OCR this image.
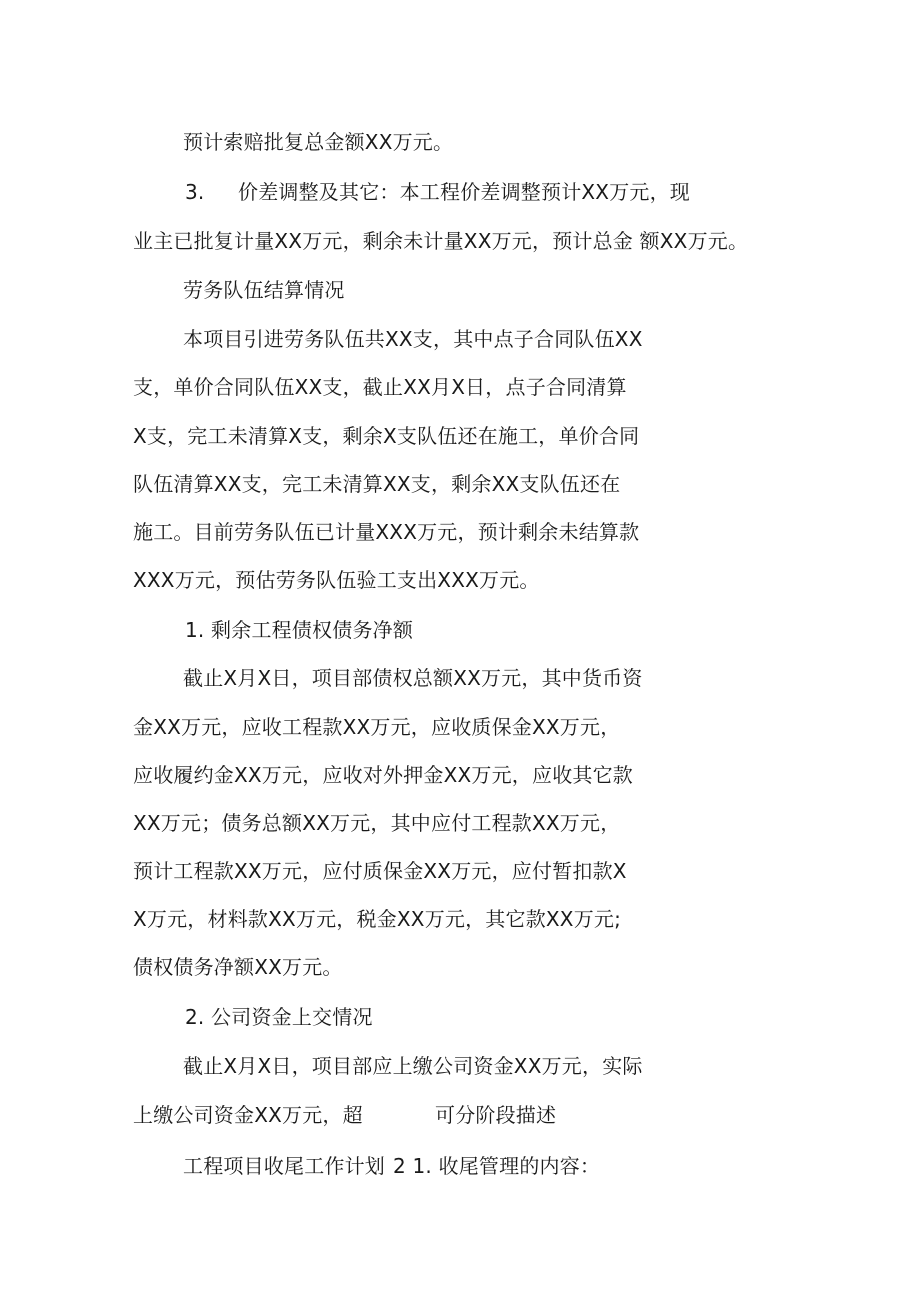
预计索赔批复总金额XX万元。
3. 价差调整及其它：本工程价差调整预计XX万元，现
业主已批复计量XX万元，剩余未计量XX万元，预计总金 额XX万元。
劳务队伍结算情况
本项目引进劳务队伍共XX支，其中点子合同队伍XX
支，单价合同队伍XX支，截止XX月X日，点子合同清算
X支，完工未清算X支，剩余X支队伍还在施工，单价合同
队伍清算XX支，完工未清算XX支，剩余XX支队伍还在
施工。目前劳务队伍已计量XXX万元，预计剩余未结算款
XXX万元，预估劳务队伍验工支出XXX万元。
1. 剩余工程债权债务净额
截止X月X日，项目部债权总额XX万元，其中货币资
金XX万元，应收工程款XX万元，应收质保金XX万元，
应收履约金XX万元，应收对外押金XX万元，应收其它款
XX万元；债务总额XX万元，其中应付工程款XX万元，
预计工程款XX万元，应付质保金XX万元，应付暂扣款X
X万元，材料款XX万元，税金XX万元，其它款XX万元;
债权债务净额XX万元。
2. 公司资金上交情况
截止X月X日，项目部应上缴公司资金XX万元，实际
上缴公司资金XX万元，超	可分阶段描述
工程项目收尾工作计划 2 1. 收尾管理的内容：
